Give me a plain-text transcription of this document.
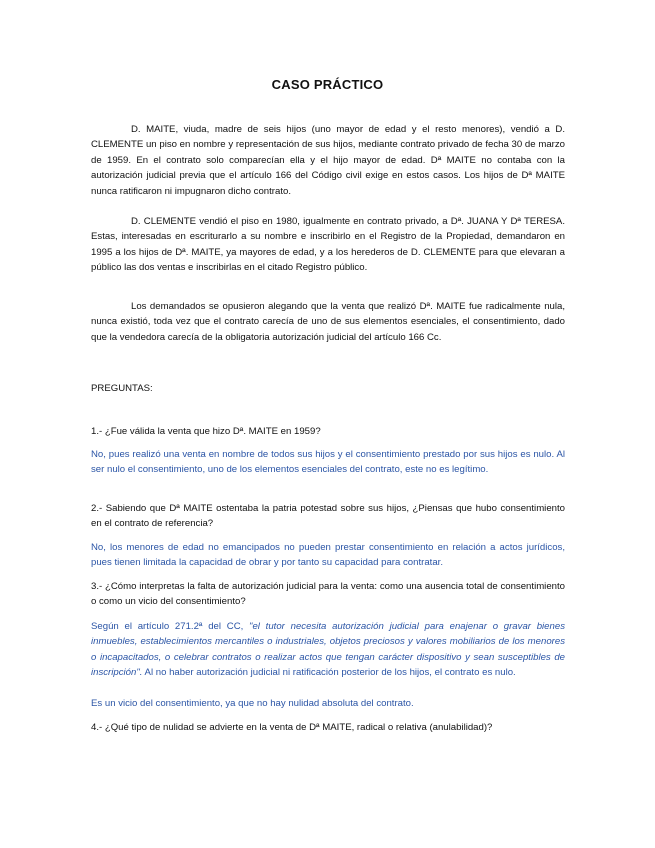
CASO PRÁCTICO

D. MAITE, viuda, madre de seis hijos (uno mayor de edad y el resto menores), vendió a D. CLEMENTE un piso en nombre y representación de sus hijos, mediante contrato privado de fecha 30 de marzo de 1959. En el contrato solo comparecían ella y el hijo mayor de edad. Dª MAITE no contaba con la autorización judicial previa que el artículo 166 del Código civil exige en estos casos. Los hijos de Dª MAITE nunca ratificaron ni impugnaron dicho contrato.

D. CLEMENTE vendió el piso en 1980, igualmente en contrato privado, a Dª. JUANA Y Dª TERESA. Estas, interesadas en escriturarlo a su nombre e inscribirlo en el Registro de la Propiedad, demandaron en 1995 a los hijos de Dª. MAITE, ya mayores de edad, y a los herederos de D. CLEMENTE para que elevaran a público las dos ventas e inscribirlas en el citado Registro público.

Los demandados se opusieron alegando que la venta que realizó Dª. MAITE fue radicalmente nula, nunca existió, toda vez que el contrato carecía de uno de sus elementos esenciales, el consentimiento, dado que la vendedora carecía de la obligatoria autorización judicial del artículo 166 Cc.

PREGUNTAS:

1.- ¿Fue válida la venta que hizo Dª. MAITE en 1959?

No, pues realizó una venta en nombre de todos sus hijos y el consentimiento prestado por sus hijos es nulo. Al ser nulo el consentimiento, uno de los elementos esenciales del contrato, este no es legítimo.

2.- Sabiendo que Dª MAITE ostentaba la patria potestad sobre sus hijos, ¿Piensas que hubo consentimiento en el contrato de referencia?

No, los menores de edad no emancipados no pueden prestar consentimiento en relación a actos jurídicos, pues tienen limitada la capacidad de obrar y por tanto su capacidad para contratar.

3.- ¿Cómo interpretas la falta de autorización judicial para la venta: como una ausencia total de consentimiento o como un vicio del consentimiento?

Según el artículo 271.2ª del CC, "el tutor necesita autorización judicial para enajenar o gravar bienes inmuebles, establecimientos mercantiles o industriales, objetos preciosos y valores mobiliarios de los menores o incapacitados, o celebrar contratos o realizar actos que tengan carácter dispositivo y sean susceptibles de inscripción". Al no haber autorización judicial ni ratificación posterior de los hijos, el contrato es nulo.

Es un vicio del consentimiento, ya que no hay nulidad absoluta del contrato.

4.- ¿Qué tipo de nulidad se advierte en la venta de Dª MAITE, radical o relativa (anulabilidad)?
